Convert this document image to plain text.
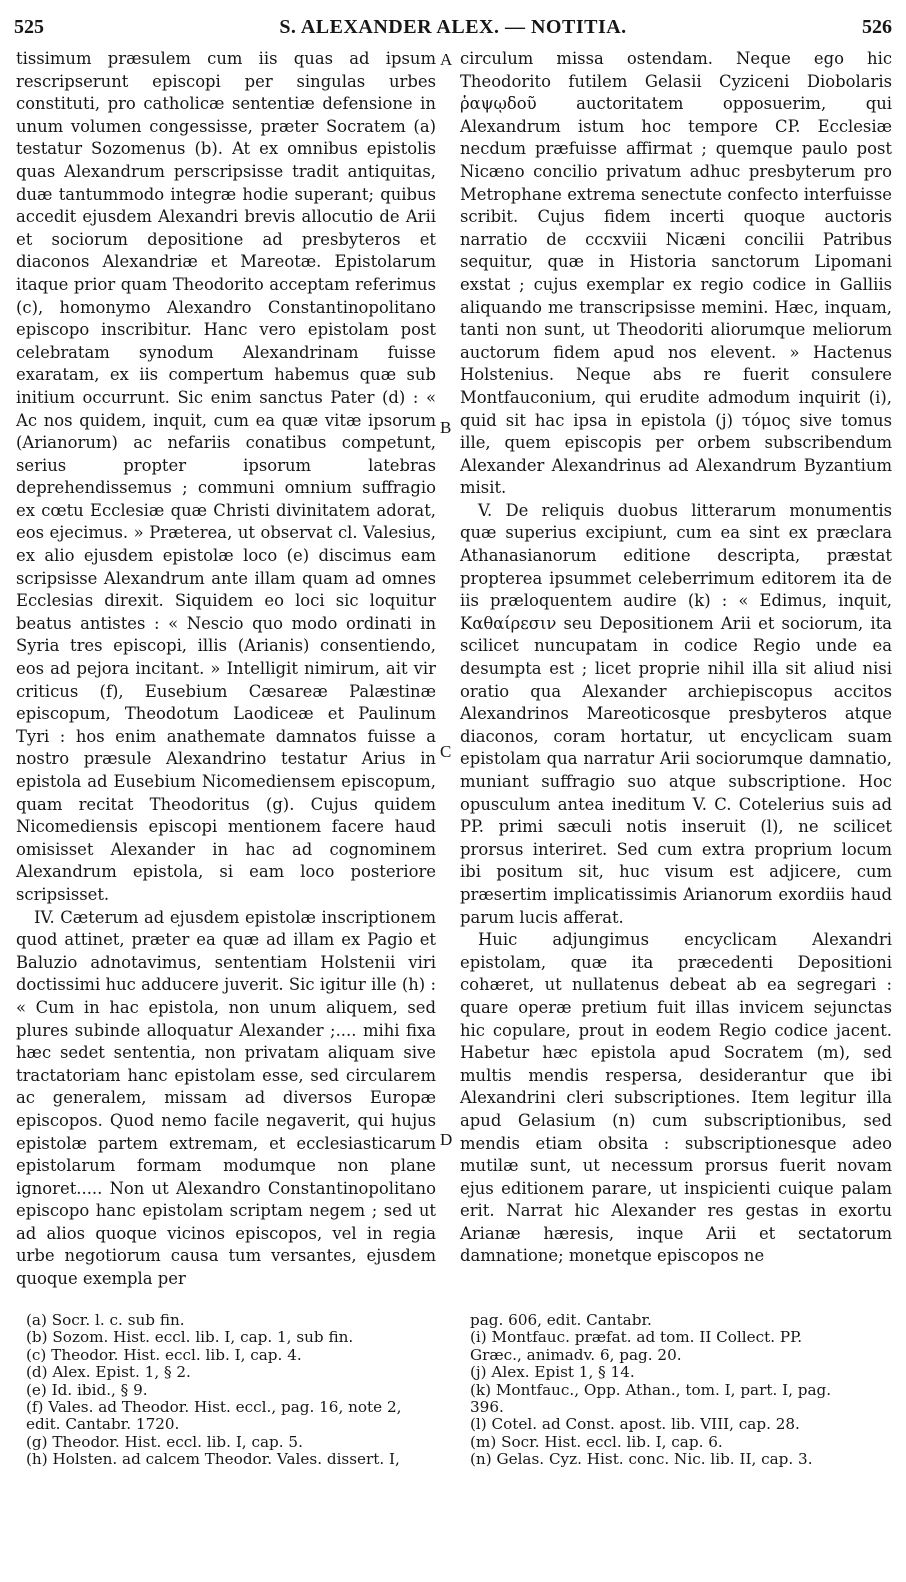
525	S. ALEXANDER ALEX. — NOTITIA.	526

tissimum præsulem cum iis quas ad ipsum rescripserunt episcopi per singulas urbes constituti, pro catholicæ sententiæ defensione in unum volumen congessisse, præter Socratem (a) testatur Sozomenus (b). At ex omnibus epistolis quas Alexandrum perscripsisse tradit antiquitas, duæ tantummodo integræ hodie superant; quibus accedit ejusdem Alexandri brevis allocutio de Arii et sociorum depositione ad presbyteros et diaconos Alexandriæ et Mareotæ. Epistolarum itaque prior quam Theodorito acceptam referimus (c), homonymo Alexandro Constantinopolitano episcopo inscribitur. Hanc vero epistolam post celebratam synodum Alexandrinam fuisse exaratam, ex iis compertum habemus quæ sub initium occurrunt. Sic enim sanctus Pater (d) : « Ac nos quidem, inquit, cum ea quæ vitæ ipsorum (Arianorum) ac nefariis conatibus competunt, serius propter ipsorum latebras deprehendissemus ; communi omnium suffragio ex cœtu Ecclesiæ quæ Christi divinitatem adorat, eos ejecimus. » Præterea, ut observat cl. Valesius, ex alio ejusdem epistolæ loco (e) discimus eam scripsisse Alexandrum ante illam quam ad omnes Ecclesias direxit. Siquidem eo loci sic loquitur beatus antistes : « Nescio quo modo ordinati in Syria tres episcopi, illis (Arianis) consentiendo, eos ad pejora incitant. » Intelligit nimirum, ait vir criticus (f), Eusebium Cæsareæ Palæstinæ episcopum, Theodotum Laodiceæ et Paulinum Tyri : hos enim anathemate damnatos fuisse a nostro præsule Alexandrino testatur Arius in epistola ad Eusebium Nicomediensem episcopum, quam recitat Theodoritus (g). Cujus quidem Nicomediensis episcopi mentionem facere haud omisisset Alexander in hac ad cognominem Alexandrum epistola, si eam loco posteriore scripsisset.

IV. Cæterum ad ejusdem epistolæ inscriptionem quod attinet, præter ea quæ ad illam ex Pagio et Baluzio adnotavimus, sententiam Holstenii viri doctissimi huc adducere juverit. Sic igitur ille (h) : « Cum in hac epistola, non unum aliquem, sed plures subinde alloquatur Alexander ;.... mihi fixa hæc sedet sententia, non privatam aliquam sive tractatoriam hanc epistolam esse, sed circularem ac generalem, missam ad diversos Europæ episcopos. Quod nemo facile negaverit, qui hujus epistolæ partem extremam, et ecclesiasticarum epistolarum formam modumque non plane ignoret..... Non ut Alexandro Constantinopolitano episcopo hanc epistolam scriptam negem ; sed ut ad alios quoque vicinos episcopos, vel in regia urbe negotiorum causa tum versantes, ejusdem quoque exempla per

A
B
C
D

circulum missa ostendam. Neque ego hic Theodorito futilem Gelasii Cyziceni Diobolaris ῥαψῳδοῦ auctoritatem opposuerim, qui Alexandrum istum hoc tempore CP. Ecclesiæ necdum præfuisse affirmat ; quemque paulo post Nicæno concilio privatum adhuc presbyterum pro Metrophane extrema senectute confecto interfuisse scribit. Cujus fidem incerti quoque auctoris narratio de cccxviii Nicæni concilii Patribus sequitur, quæ in Historia sanctorum Lipomani exstat ; cujus exemplar ex regio codice in Galliis aliquando me transcripsisse memini. Hæc, inquam, tanti non sunt, ut Theodoriti aliorumque meliorum auctorum fidem apud nos elevent. » Hactenus Holstenius. Neque abs re fuerit consulere Montfauconium, qui erudite admodum inquirit (i), quid sit hac ipsa in epistola (j) τόμος sive tomus ille, quem episcopis per orbem subscribendum Alexander Alexandrinus ad Alexandrum Byzantium misit.

V. De reliquis duobus litterarum monumentis quæ superius excipiunt, cum ea sint ex præclara Athanasianorum editione descripta, præstat propterea ipsummet celeberrimum editorem ita de iis præloquentem audire (k) : « Edimus, inquit, Καθαίρεσιν seu Depositionem Arii et sociorum, ita scilicet nuncupatam in codice Regio unde ea desumpta est ; licet proprie nihil illa sit aliud nisi oratio qua Alexander archiepiscopus accitos Alexandrinos Mareoticosque presbyteros atque diaconos, coram hortatur, ut encyclicam suam epistolam qua narratur Arii sociorumque damnatio, muniant suffragio suo atque subscriptione. Hoc opusculum antea ineditum V. C. Cotelerius suis ad PP. primi sæculi notis inseruit (l), ne scilicet prorsus interiret. Sed cum extra proprium locum ibi positum sit, huc visum est adjicere, cum præsertim implicatissimis Arianorum exordiis haud parum lucis afferat.

Huic adjungimus encyclicam Alexandri epistolam, quæ ita præcedenti Depositioni cohæret, ut nullatenus debeat ab ea segregari : quare operæ pretium fuit illas invicem sejunctas hic copulare, prout in eodem Regio codice jacent. Habetur hæc epistola apud Socratem (m), sed multis mendis respersa, desiderantur que ibi Alexandrini cleri subscriptiones. Item legitur illa apud Gelasium (n) cum subscriptionibus, sed mendis etiam obsita : subscriptionesque adeo mutilæ sunt, ut necessum prorsus fuerit novam ejus editionem parare, ut inspicienti cuique palam erit. Narrat hic Alexander res gestas in exortu Arianæ hæresis, inque Arii et sectatorum damnatione; monetque episcopos ne

(a) Socr. l. c. sub fin.
(b) Sozom. Hist. eccl. lib. I, cap. 1, sub fin.
(c) Theodor. Hist. eccl. lib. I, cap. 4.
(d) Alex. Epist. 1, § 2.
(e) Id. ibid., § 9.
(f) Vales. ad Theodor. Hist. eccl., pag. 16, note 2,
edit. Cantabr. 1720.
(g) Theodor. Hist. eccl. lib. I, cap. 5.
(h) Holsten. ad calcem Theodor. Vales. dissert. I,
pag. 606, edit. Cantabr.
(i) Montfauc. præfat. ad tom. II Collect. PP.
Græc., animadv. 6, pag. 20.
(j) Alex. Epist 1, § 14.
(k) Montfauc., Opp. Athan., tom. I, part. I, pag.
396.
(l) Cotel. ad Const. apost. lib. VIII, cap. 28.
(m) Socr. Hist. eccl. lib. I, cap. 6.
(n) Gelas. Cyz. Hist. conc. Nic. lib. II, cap. 3.
